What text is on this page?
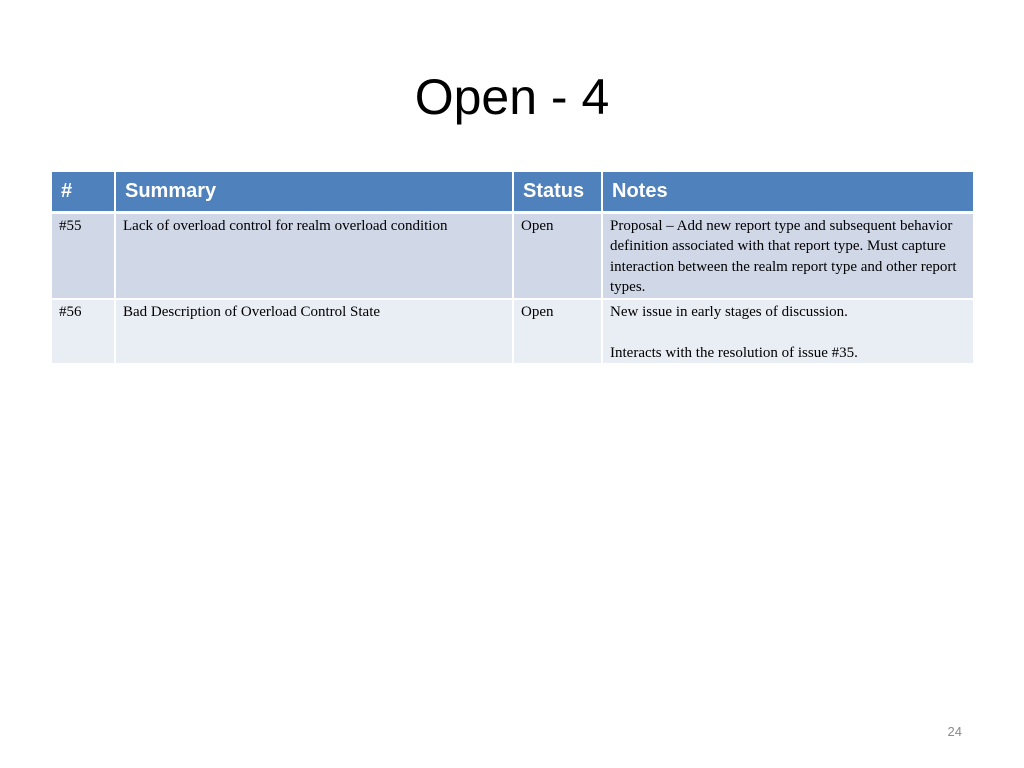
Open - 4
#	Summary	Status	Notes
#55	Lack of overload control for realm overload condition	Open	Proposal – Add new report type and subsequent behavior definition associated with that report type. Must capture interaction between the realm report type and other report types.

#56	Bad Description of Overload Control State	Open	New issue in early stages of discussion.
Interacts with the resolution of issue #35.
24
